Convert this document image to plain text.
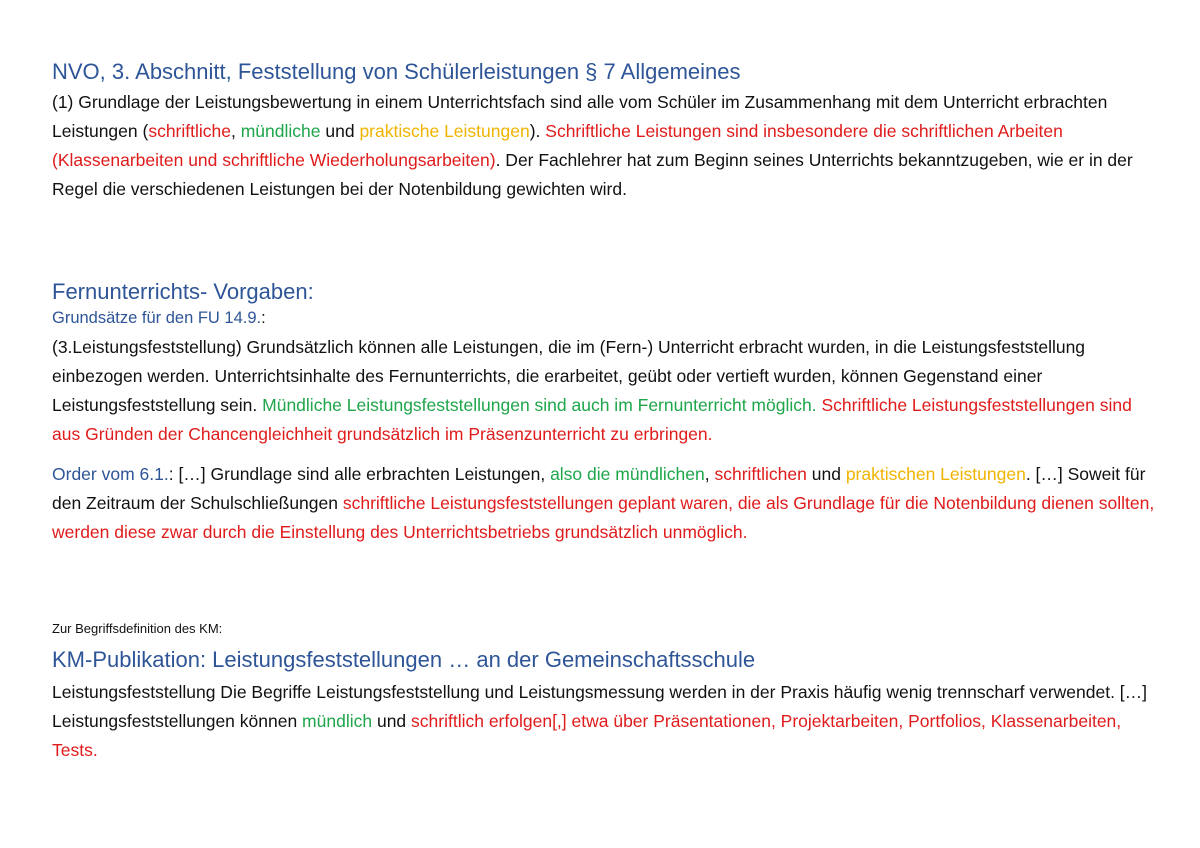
NVO, 3. Abschnitt, Feststellung von Schülerleistungen § 7 Allgemeines

(1) Grundlage der Leistungsbewertung in einem Unterrichtsfach sind alle vom Schüler im Zusammenhang mit dem Unterricht erbrachten Leistungen (schriftliche, mündliche und praktische Leistungen). Schriftliche Leistungen sind insbesondere die schriftlichen Arbeiten (Klassenarbeiten und schriftliche Wiederholungsarbeiten). Der Fachlehrer hat zum Beginn seines Unterrichts bekanntzugeben, wie er in der Regel die verschiedenen Leistungen bei der Notenbildung gewichten wird.

Fernunterrichts- Vorgaben:

Grundsätze für den FU 14.9.:

(3.Leistungsfeststellung) Grundsätzlich können alle Leistungen, die im (Fern-) Unterricht erbracht wurden, in die Leistungsfeststellung einbezogen werden. Unterrichtsinhalte des Fernunterrichts, die erarbeitet, geübt oder vertieft wurden, können Gegenstand einer Leistungsfeststellung sein. Mündliche Leistungsfeststellungen sind auch im Fernunterricht möglich. Schriftliche Leistungsfeststellungen sind aus Gründen der Chancengleichheit grundsätzlich im Präsenzunterricht zu erbringen.

Order vom 6.1.: […] Grundlage sind alle erbrachten Leistungen, also die mündlichen, schriftlichen und praktischen Leistungen. […] Soweit für den Zeitraum der Schulschließungen schriftliche Leistungsfeststellungen geplant waren, die als Grundlage für die Notenbildung dienen sollten, werden diese zwar durch die Einstellung des Unterrichtsbetriebs grundsätzlich unmöglich.

Zur Begriffsdefinition des KM:

KM-Publikation: Leistungsfeststellungen … an der Gemeinschaftsschule

Leistungsfeststellung Die Begriffe Leistungsfeststellung und Leistungsmessung werden in der Praxis häufig wenig trennscharf verwendet. […] Leistungsfeststellungen können mündlich und schriftlich erfolgen[,] etwa über Präsentationen, Projektarbeiten, Portfolios, Klassenarbeiten, Tests.
